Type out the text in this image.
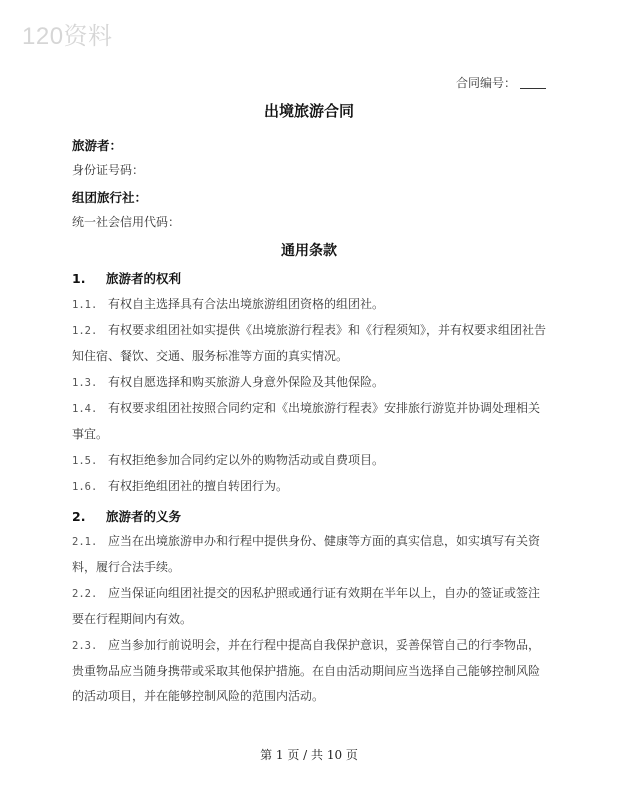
120资料
合同编号：
出境旅游合同
旅游者：
身份证号码：
组团旅行社：
统一社会信用代码：
通用条款
1. 旅游者的权利
1.1. 有权自主选择具有合法出境旅游组团资格的组团社。
1.2. 有权要求组团社如实提供《出境旅游行程表》和《行程须知》，并有权要求组团社告知住宿、餐饮、交通、服务标准等方面的真实情况。
1.3. 有权自愿选择和购买旅游人身意外保险及其他保险。
1.4. 有权要求组团社按照合同约定和《出境旅游行程表》安排旅行游览并协调处理相关事宜。
1.5. 有权拒绝参加合同约定以外的购物活动或自费项目。
1.6. 有权拒绝组团社的擅自转团行为。
2. 旅游者的义务
2.1. 应当在出境旅游申办和行程中提供身份、健康等方面的真实信息，如实填写有关资料，履行合法手续。
2.2. 应当保证向组团社提交的因私护照或通行证有效期在半年以上，自办的签证或签注要在行程期间内有效。
2.3. 应当参加行前说明会，并在行程中提高自我保护意识，妥善保管自己的行李物品，贵重物品应当随身携带或采取其他保护措施。在自由活动期间应当选择自己能够控制风险的活动项目，并在能够控制风险的范围内活动。
第 1 页 / 共 10 页
